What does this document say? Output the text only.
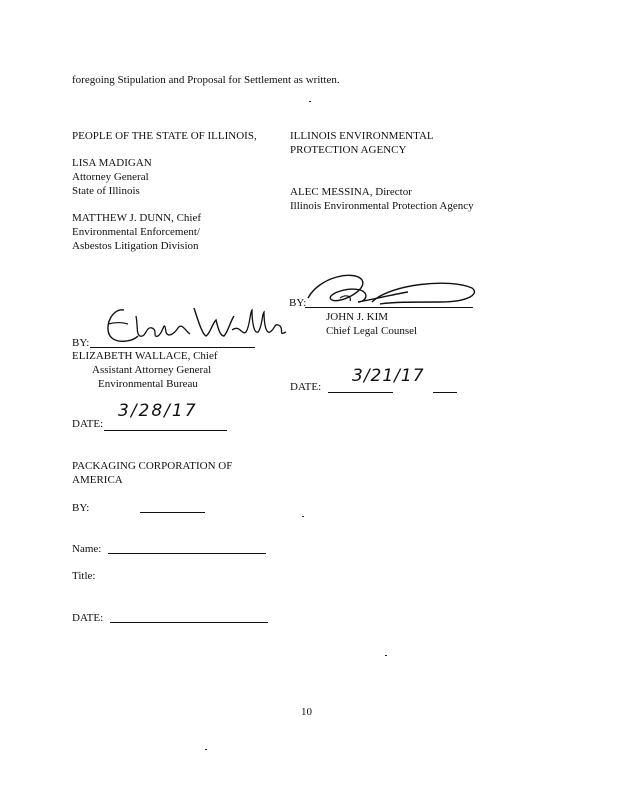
foregoing Stipulation and Proposal for Settlement as written.
PEOPLE OF THE STATE OF ILLINOIS,
LISA MADIGAN
Attorney General
State of Illinois
MATTHEW J. DUNN, Chief
Environmental Enforcement/
Asbestos Litigation Division
ILLINOIS ENVIRONMENTAL
PROTECTION AGENCY
ALEC MESSINA, Director
Illinois Environmental Protection Agency
BY:
JOHN J. KIM
Chief Legal Counsel
DATE:
3/21/17
BY:
ELIZABETH WALLACE, Chief
Assistant Attorney General
Environmental Bureau
DATE:
3/28/17
PACKAGING CORPORATION OF
AMERICA
BY:
Name:
Title:
DATE:
10
